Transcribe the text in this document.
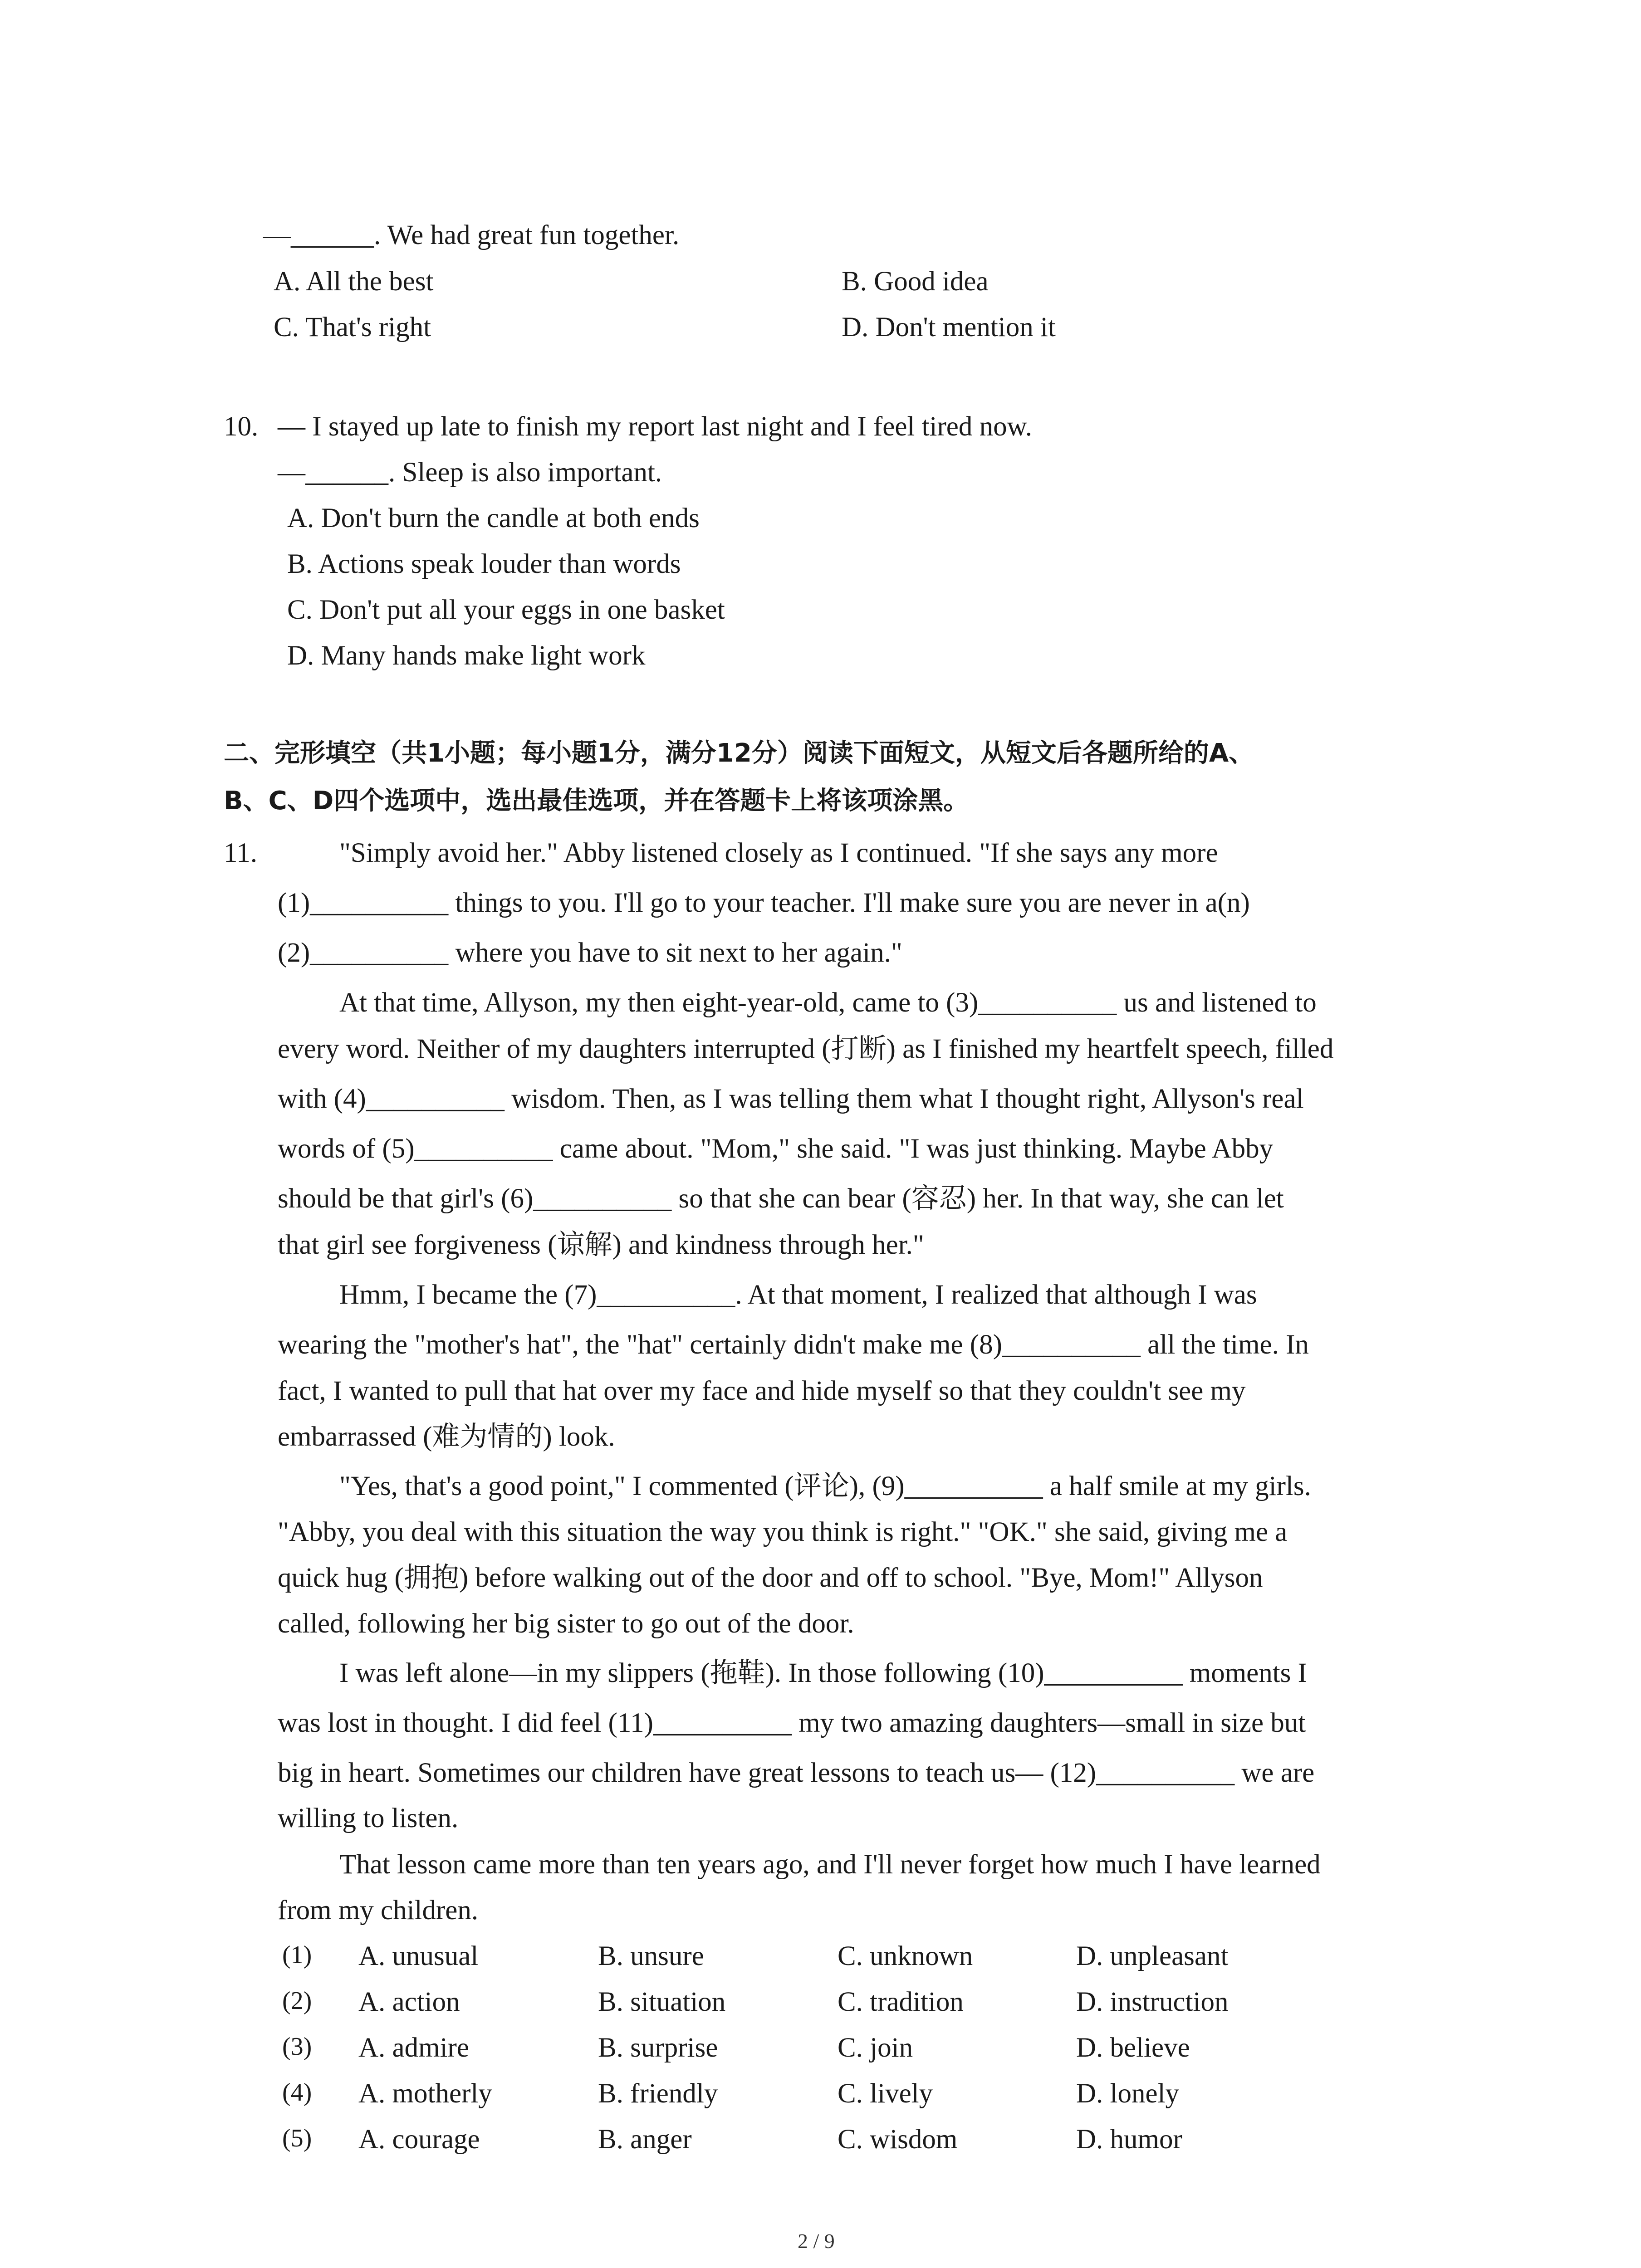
—______. We had great fun together.
A. All the best	B. Good idea
C. That's right	D. Don't mention it
10. — I stayed up late to finish my report last night and I feel tired now.
—______. Sleep is also important.
A. Don't burn the candle at both ends
B. Actions speak louder than words
C. Don't put all your eggs in one basket
D. Many hands make light work
二、完形填空（共1小题；每小题1分，满分12分）阅读下面短文，从短文后各题所给的A、
B、C、D四个选项中，选出最佳选项，并在答题卡上将该项涂黑。
11.	"Simply avoid her." Abby listened closely as I continued. "If she says any more
(1)__________ things to you. I'll go to your teacher. I'll make sure you are never in a(n)
(2)__________ where you have to sit next to her again."
At that time, Allyson, my then eight-year-old, came to (3)__________ us and listened to
every word. Neither of my daughters interrupted (打断) as I finished my heartfelt speech, filled
with (4)__________ wisdom. Then, as I was telling them what I thought right, Allyson's real
words of (5)__________ came about. "Mom," she said. "I was just thinking. Maybe Abby
should be that girl's (6)__________ so that she can bear (容忍) her. In that way, she can let
that girl see forgiveness (谅解) and kindness through her."
Hmm, I became the (7)__________. At that moment, I realized that although I was
wearing the "mother's hat", the "hat" certainly didn't make me (8)__________ all the time. In
fact, I wanted to pull that hat over my face and hide myself so that they couldn't see my
embarrassed (难为情的) look.
"Yes, that's a good point," I commented (评论), (9)__________ a half smile at my girls.
"Abby, you deal with this situation the way you think is right." "OK." she said, giving me a
quick hug (拥抱) before walking out of the door and off to school. "Bye, Mom!" Allyson
called, following her big sister to go out of the door.
I was left alone—in my slippers (拖鞋). In those following (10)__________ moments I
was lost in thought. I did feel (11)__________ my two amazing daughters—small in size but
big in heart. Sometimes our children have great lessons to teach us— (12)__________ we are
willing to listen.
That lesson came more than ten years ago, and I'll never forget how much I have learned
from my children.
(1) A. unusual	B. unsure	C. unknown	D. unpleasant
(2) A. action	B. situation	C. tradition	D. instruction
(3) A. admire	B. surprise	C. join	D. believe
(4) A. motherly	B. friendly	C. lively	D. lonely
(5) A. courage	B. anger	C. wisdom	D. humor
2 / 9
